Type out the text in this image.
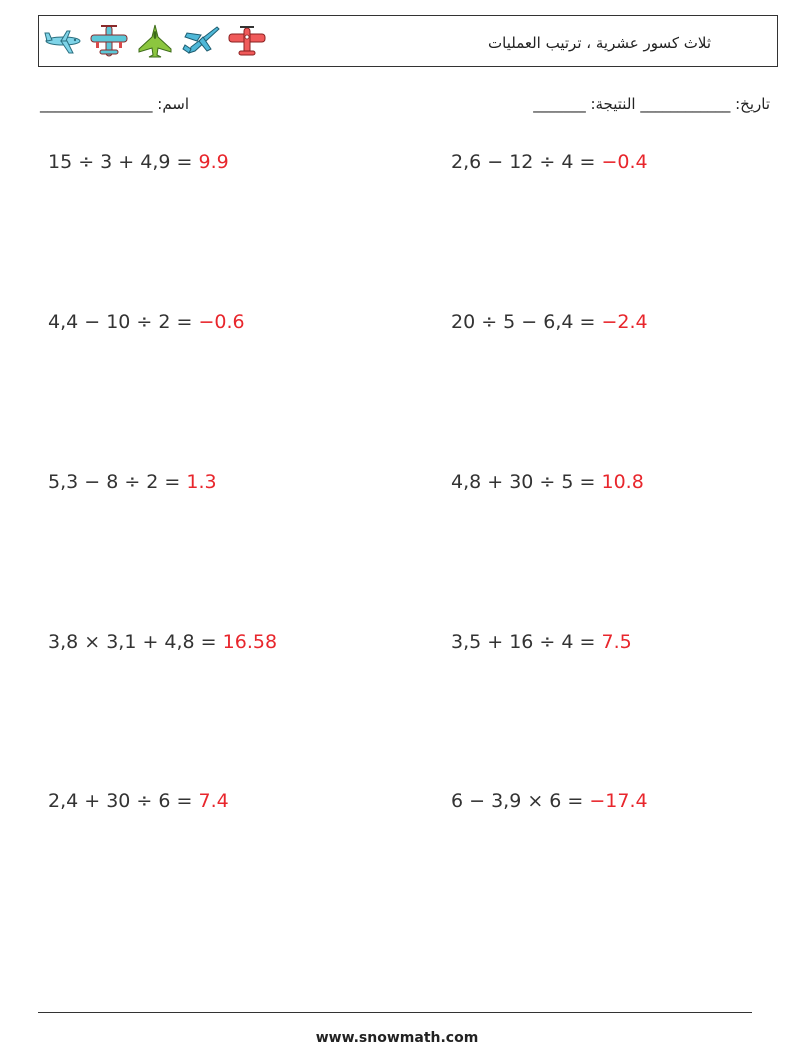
ثلاث كسور عشرية ، ترتيب العمليات
اسم: _______________	_______ :تاريخ: ____________ النتيجة
15 ÷ 3 + 4,9 = 9.9	2,6 − 12 ÷ 4 = −0.4
4,4 − 10 ÷ 2 = −0.6	20 ÷ 5 − 6,4 = −2.4
5,3 − 8 ÷ 2 = 1.3	4,8 + 30 ÷ 5 = 10.8
3,8 × 3,1 + 4,8 = 16.58	3,5 + 16 ÷ 4 = 7.5
2,4 + 30 ÷ 6 = 7.4	6 − 3,9 × 6 = −17.4
www.snowmath.com
